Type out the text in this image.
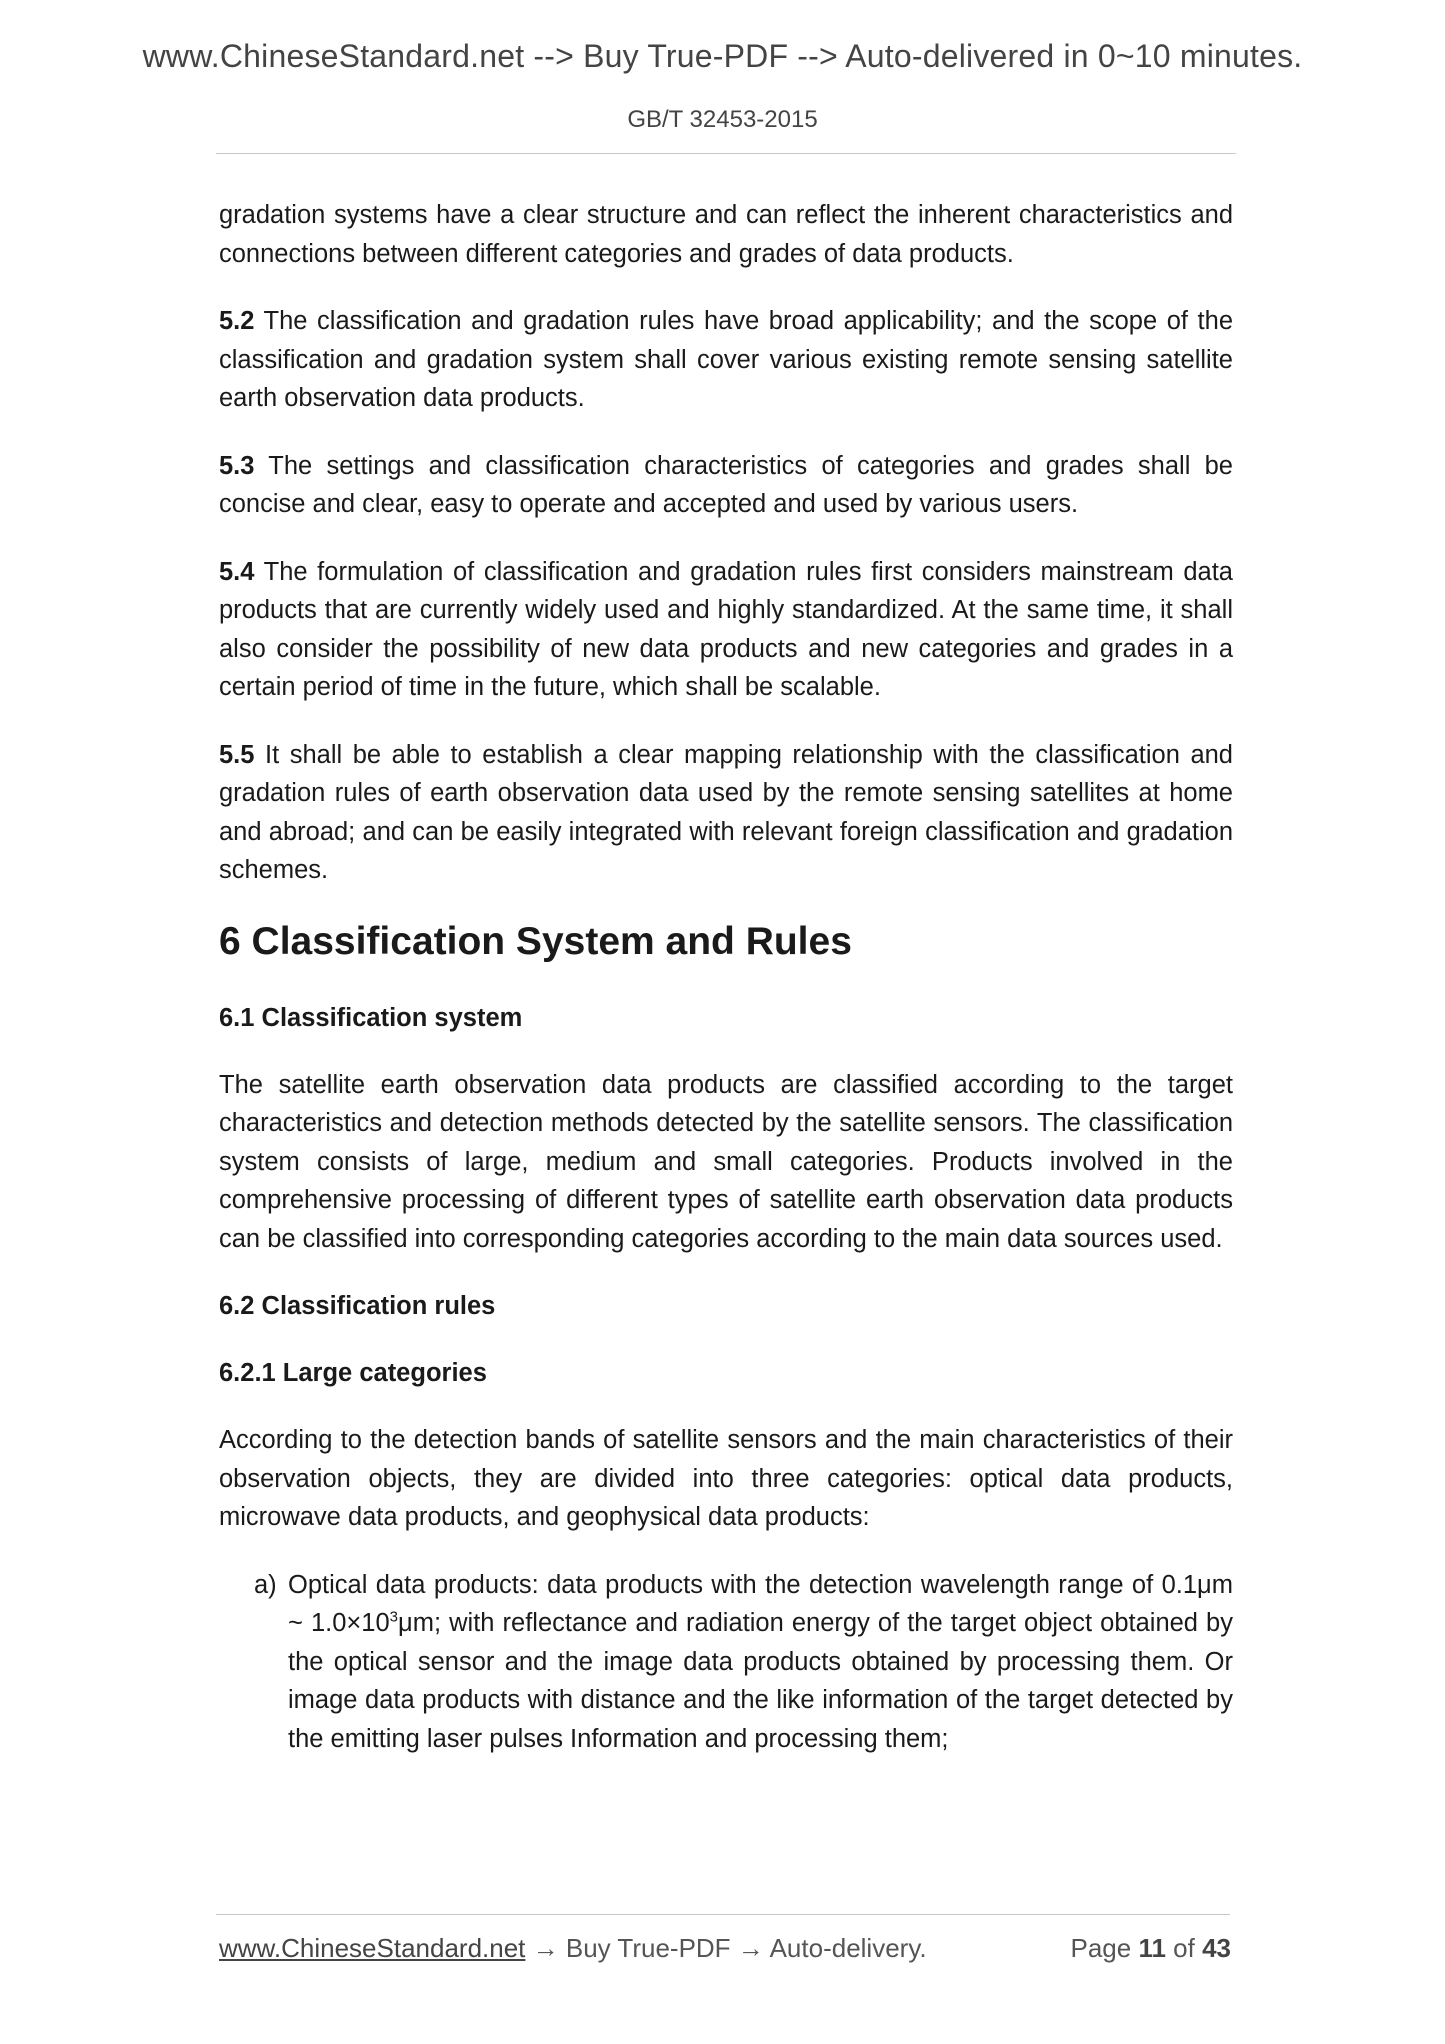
www.ChineseStandard.net --> Buy True-PDF --> Auto-delivered in 0~10 minutes.
GB/T 32453-2015

gradation systems have a clear structure and can reflect the inherent characteristics and connections between different categories and grades of data products.

5.2 The classification and gradation rules have broad applicability; and the scope of the classification and gradation system shall cover various existing remote sensing satellite earth observation data products.

5.3 The settings and classification characteristics of categories and grades shall be concise and clear, easy to operate and accepted and used by various users.

5.4 The formulation of classification and gradation rules first considers mainstream data products that are currently widely used and highly standardized. At the same time, it shall also consider the possibility of new data products and new categories and grades in a certain period of time in the future, which shall be scalable.

5.5 It shall be able to establish a clear mapping relationship with the classification and gradation rules of earth observation data used by the remote sensing satellites at home and abroad; and can be easily integrated with relevant foreign classification and gradation schemes.

6 Classification System and Rules
6.1 Classification system

The satellite earth observation data products are classified according to the target characteristics and detection methods detected by the satellite sensors. The classification system consists of large, medium and small categories. Products involved in the comprehensive processing of different types of satellite earth observation data products can be classified into corresponding categories according to the main data sources used.

6.2 Classification rules
6.2.1 Large categories

According to the detection bands of satellite sensors and the main characteristics of their observation objects, they are divided into three categories: optical data products, microwave data products, and geophysical data products:

a) Optical data products: data products with the detection wavelength range of 0.1μm ~ $1.0\times 10^3\mu m$; with reflectance and radiation energy of the target object obtained by the optical sensor and the image data products obtained by processing them. Or image data products with distance and the like information of the target detected by the emitting laser pulses Information and processing them;

www.ChineseStandard.net → Buy True-PDF → Auto-delivery.	Page 11 of 43
